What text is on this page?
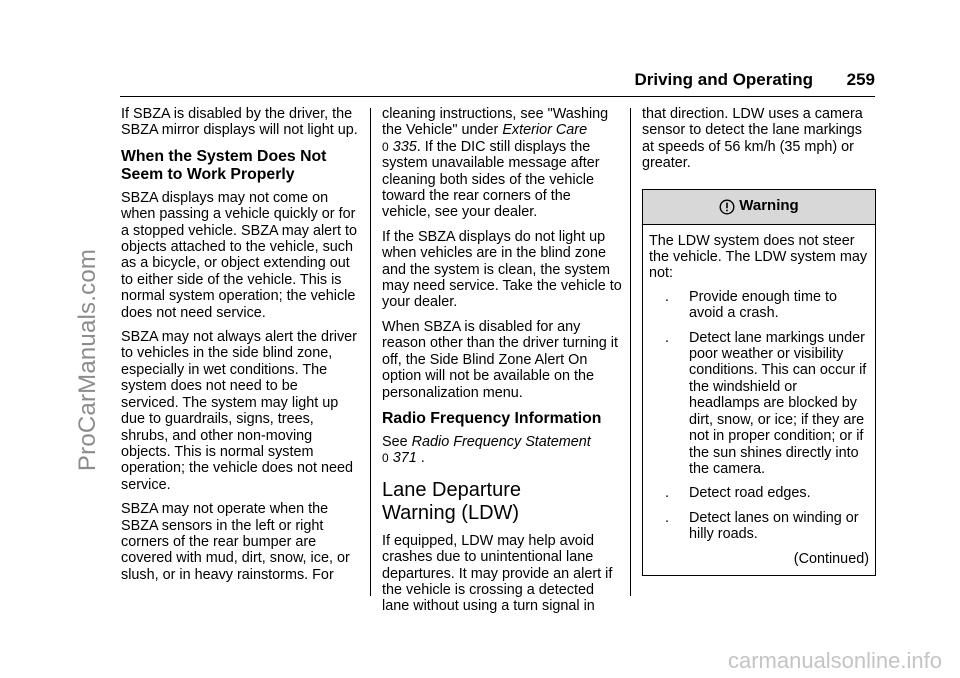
ProCarManuals.com
Driving and Operating 259

If SBZA is disabled by the driver, the SBZA mirror displays will not light up.

When the System Does Not Seem to Work Properly

SBZA displays may not come on when passing a vehicle quickly or for a stopped vehicle. SBZA may alert to objects attached to the vehicle, such as a bicycle, or object extending out to either side of the vehicle. This is normal system operation; the vehicle does not need service.

SBZA may not always alert the driver to vehicles in the side blind zone, especially in wet conditions. The system does not need to be serviced. The system may light up due to guardrails, signs, trees, shrubs, and other non-moving objects. This is normal system operation; the vehicle does not need service.

SBZA may not operate when the SBZA sensors in the left or right corners of the rear bumper are covered with mud, dirt, snow, ice, or slush, or in heavy rainstorms. For

cleaning instructions, see "Washing the Vehicle" under Exterior Care 0 335. If the DIC still displays the system unavailable message after cleaning both sides of the vehicle toward the rear corners of the vehicle, see your dealer.

If the SBZA displays do not light up when vehicles are in the blind zone and the system is clean, the system may need service. Take the vehicle to your dealer.

When SBZA is disabled for any reason other than the driver turning it off, the Side Blind Zone Alert On option will not be available on the personalization menu.

Radio Frequency Information

See Radio Frequency Statement
0 371 .

Lane Departure
Warning (LDW)

If equipped, LDW may help avoid crashes due to unintentional lane departures. It may provide an alert if the vehicle is crossing a detected lane without using a turn signal in

that direction. LDW uses a camera sensor to detect the lane markings at speeds of 56 km/h (35 mph) or greater.

Warning

The LDW system does not steer the vehicle. The LDW system may not:

.	Provide enough time to avoid a crash.
.	Detect lane markings under poor weather or visibility conditions. This can occur if the windshield or headlamps are blocked by dirt, snow, or ice; if they are not in proper condition; or if the sun shines directly into the camera.
.	Detect road edges.
.	Detect lanes on winding or hilly roads.
(Continued)
carmanualsonline.info
